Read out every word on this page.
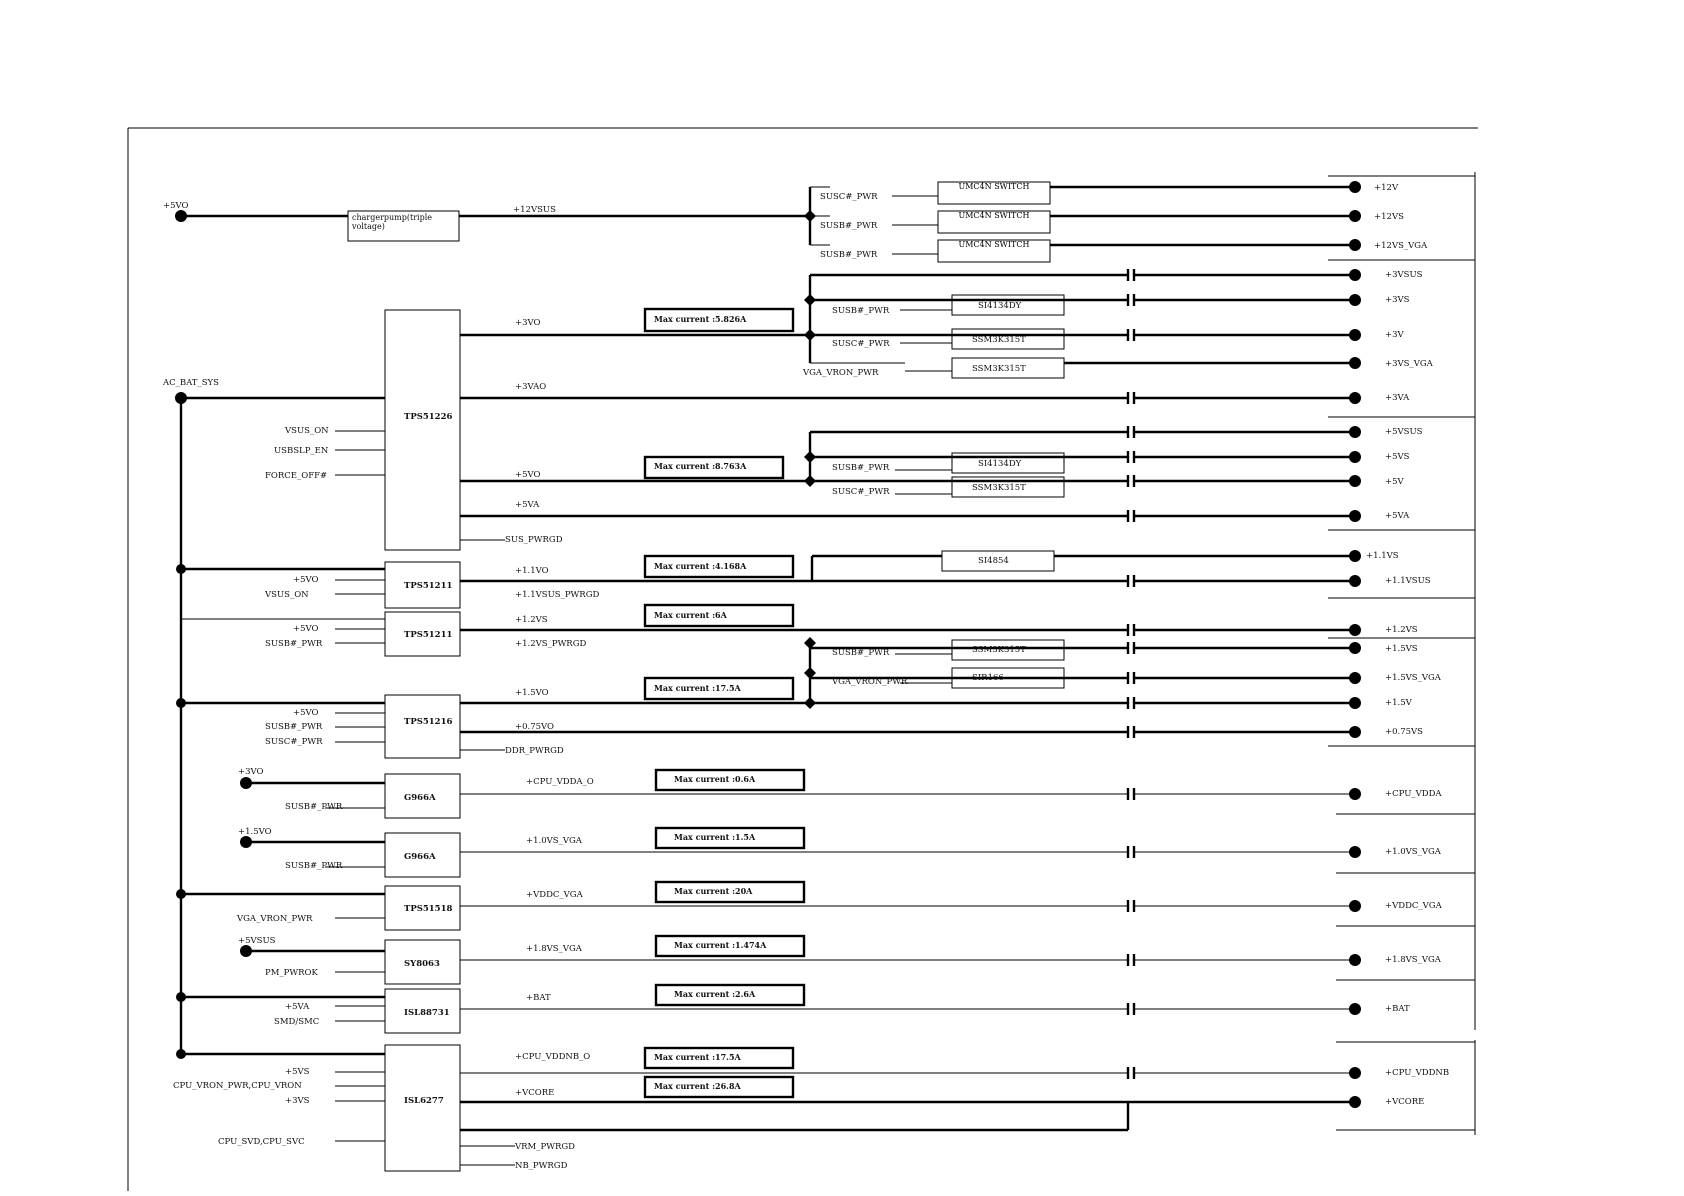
+5VO
chargerpump(triple voltage)
+12VSUS
SUSC#_PWR
UMC4N SWITCH	+12V
SUSB#_PWR
UMC4N SWITCH	+12VS
SUSB#_PWR
UMC4N SWITCH	+12VS_VGA
AC_BAT_SYS
TPS51226
VSUS_ON
USBSLP_EN
FORCE_OFF#
+3VO	Max current :5.826A
+3VSUS
SUSB#_PWR	SI4134DY
+3VS
SUSC#_PWR	SSM3K315T	+3V
VGA_VRON_PWR	SSM3K315T	+3VS_VGA
+3VAO
+3VA
+5VO
Max current :8.763A
+5VSUS
SUSB#_PWR	SI4134DY
+5VS
SUSC#_PWR	SSM3K315T
+5V
+5VA
+5VA
SUS_PWRGD
TPS51211
+5VO
VSUS_ON
+1.1VO
+1.1VSUS_PWRGD
Max current :4.168A	SI4854	+1.1VS
+1.1VSUS
TPS51211
+5VO
SUSB#_PWR
+1.2VS
+1.2VS_PWRGD
Max current :6A
+1.2VS
TPS51216
+5VO
SUSB#_PWR
SUSC#_PWR
+1.5VO	Max current :17.5A
SUSB#_PWR	SSM3K315T	+1.5VS
VGA_VRON_PWR	SIR166	+1.5VS_VGA
+1.5V
+0.75VO	+0.75VS
DDR_PWRGD
+3VO
SUSB#_PWR
G966A
+CPU_VDDA_O	Max current :0.6A
+CPU_VDDA
+1.5VO
SUSB#_PWR
G966A
+1.0VS_VGA	Max current :1.5A
+1.0VS_VGA
TPS51518
VGA_VRON_PWR
+VDDC_VGA	Max current :20A
+VDDC_VGA
+5VSUS
SY8063
PM_PWROK
+1.8VS_VGA	Max current :1.474A
+1.8VS_VGA
ISL88731
+5VA
SMD/SMC
+BAT	Max current :2.6A
+BAT
ISL6277
+5VS
CPU_VRON_PWR,CPU_VRON
+3VS
CPU_SVD,CPU_SVC
+CPU_VDDNB_O	Max current :17.5A
Max current :26.8A
+CPU_VDDNB
+VCORE
+VCORE
VRM_PWRGD
NB_PWRGD
